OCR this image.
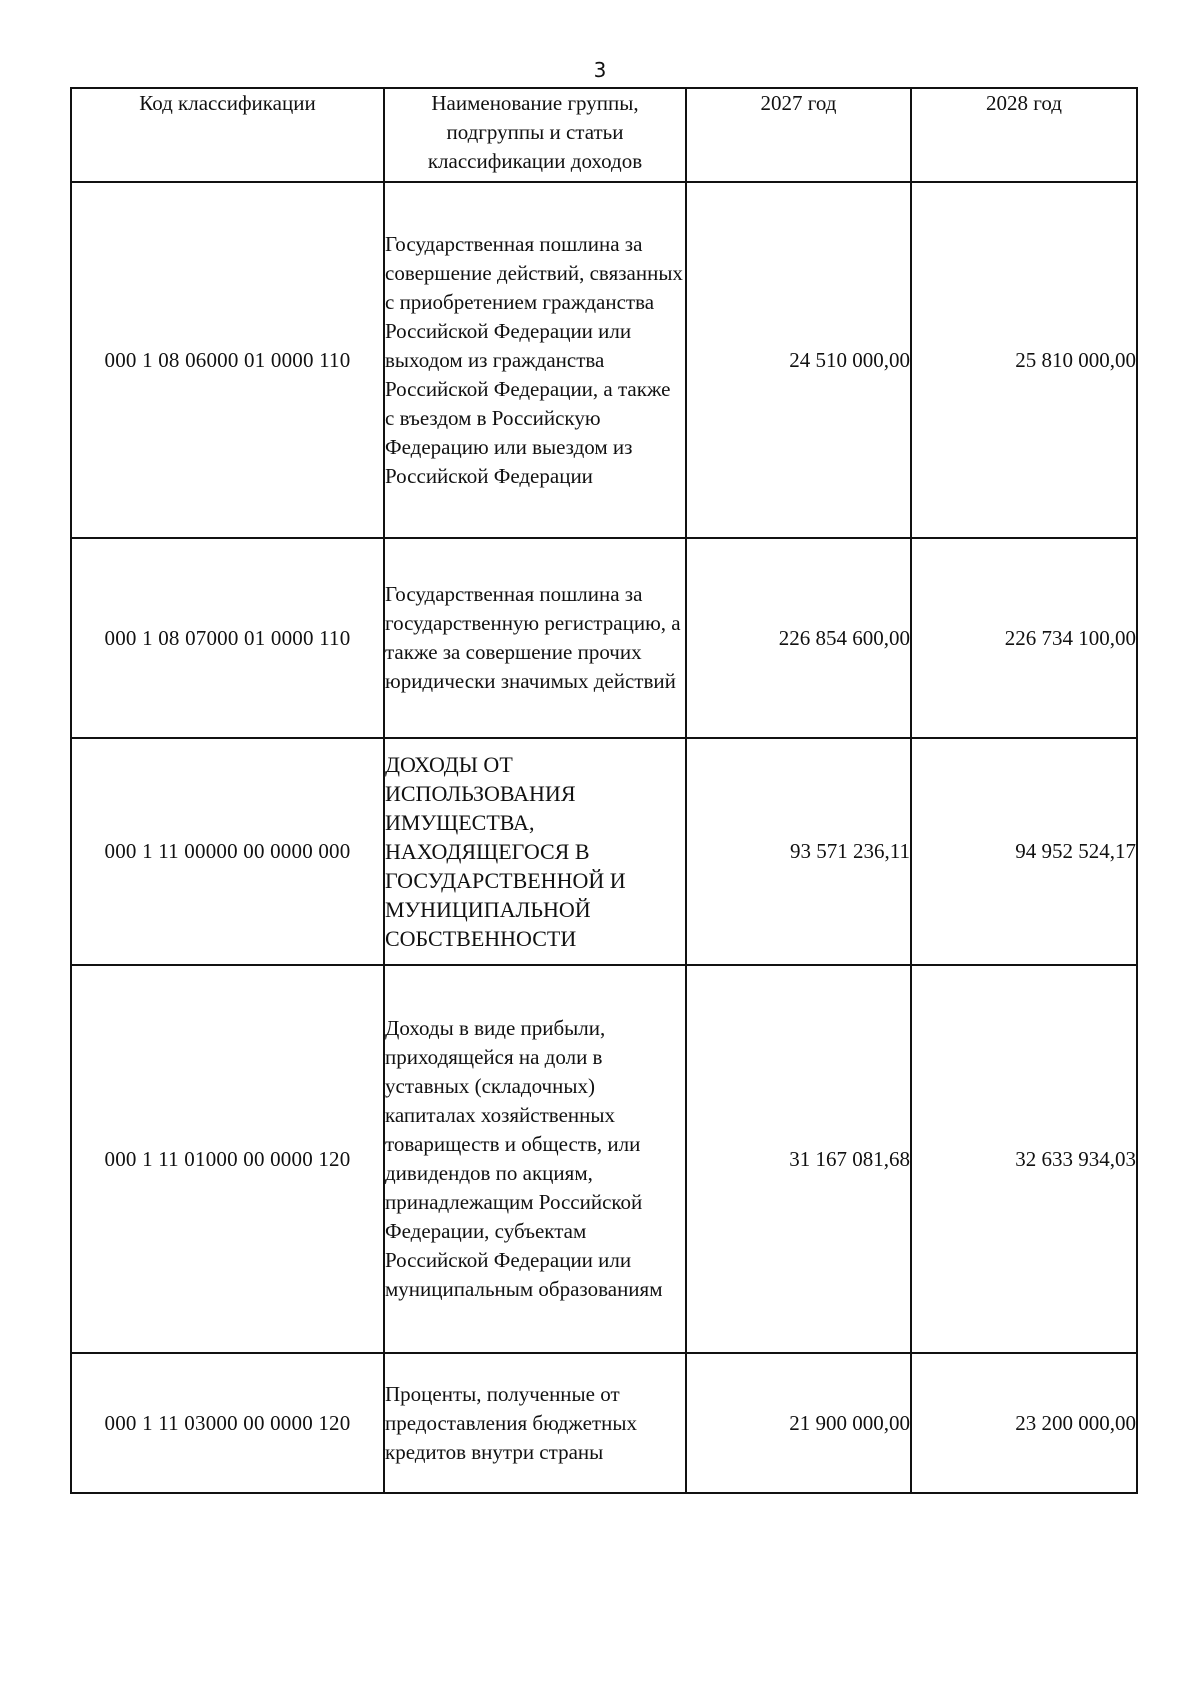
3
Код классификации	Наименование группы, подгруппы и статьи классификации доходов	2027 год	2028 год
000 1 08 06000 01 0000 110	Государственная пошлина за совершение действий, связанных с приобретением гражданства Российской Федерации или выходом из гражданства Российской Федерации, а также с въездом в Российскую Федерацию или выездом из Российской Федерации	24 510 000,00	25 810 000,00
000 1 08 07000 01 0000 110	Государственная пошлина за государственную регистрацию, а также за совершение прочих юридически значимых действий	226 854 600,00	226 734 100,00
000 1 11 00000 00 0000 000	ДОХОДЫ ОТ ИСПОЛЬЗОВАНИЯ ИМУЩЕСТВА, НАХОДЯЩЕГОСЯ В ГОСУДАРСТВЕННОЙ И МУНИЦИПАЛЬНОЙ СОБСТВЕННОСТИ	93 571 236,11	94 952 524,17
000 1 11 01000 00 0000 120	Доходы в виде прибыли, приходящейся на доли в уставных (складочных) капиталах хозяйственных товариществ и обществ, или дивидендов по акциям, принадлежащим Российской Федерации, субъектам Российской Федерации или муниципальным образованиям	31 167 081,68	32 633 934,03
000 1 11 03000 00 0000 120	Проценты, полученные от предоставления бюджетных кредитов внутри страны	21 900 000,00	23 200 000,00
